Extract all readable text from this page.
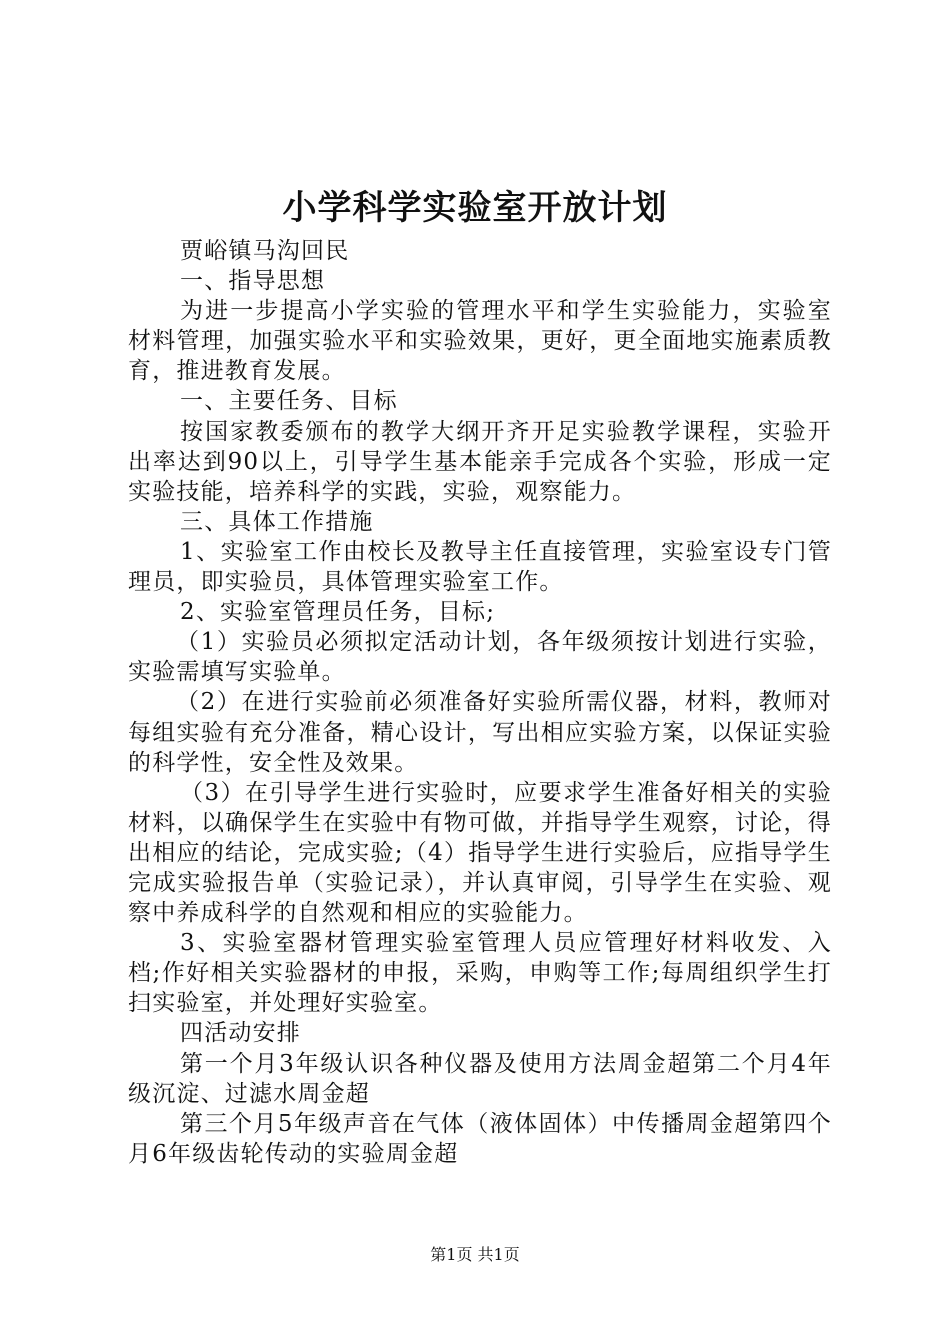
小学科学实验室开放计划

贾峪镇马沟回民

一、指导思想

为进一步提高小学实验的管理水平和学生实验能力，实验室材料管理，加强实验水平和实验效果，更好，更全面地实施素质教育，推进教育发展。

一、主要任务、目标

按国家教委颁布的教学大纲开齐开足实验教学课程，实验开出率达到90以上，引导学生基本能亲手完成各个实验，形成一定实验技能，培养科学的实践，实验，观察能力。

三、具体工作措施

1、实验室工作由校长及教导主任直接管理，实验室设专门管理员，即实验员，具体管理实验室工作。

2、实验室管理员任务，目标;

（1）实验员必须拟定活动计划，各年级须按计划进行实验，实验需填写实验单。

（2）在进行实验前必须准备好实验所需仪器，材料，教师对每组实验有充分准备，精心设计，写出相应实验方案，以保证实验的科学性，安全性及效果。

（3）在引导学生进行实验时，应要求学生准备好相关的实验材料，以确保学生在实验中有物可做，并指导学生观察，讨论，得出相应的结论，完成实验;（4）指导学生进行实验后，应指导学生完成实验报告单（实验记录），并认真审阅，引导学生在实验、观察中养成科学的自然观和相应的实验能力。

3、实验室器材管理实验室管理人员应管理好材料收发、入档;作好相关实验器材的申报，采购，申购等工作;每周组织学生打扫实验室，并处理好实验室。

四活动安排

第一个月3年级认识各种仪器及使用方法周金超第二个月4年级沉淀、过滤水周金超

第三个月5年级声音在气体（液体固体）中传播周金超第四个月6年级齿轮传动的实验周金超

第1页 共1页
